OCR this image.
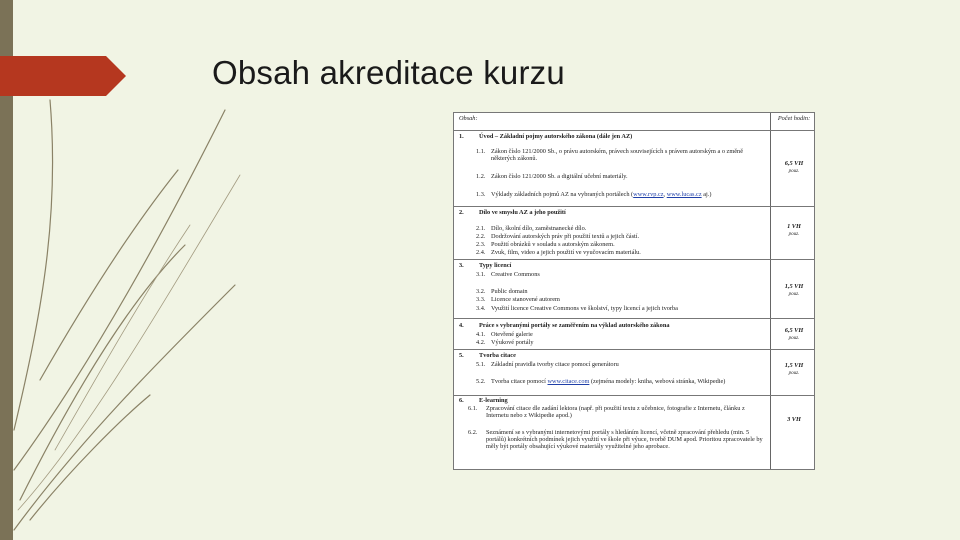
Obsah akreditace kurzu
Obsah:	Počet hodin:
1. Úvod – Základní pojmy autorského zákona (dále jen AZ)
1.1. Zákon číslo 121/2000 Sb., o právu autorském, právech souvisejících s právem autorským a o změně některých zákonů.
1.2. Zákon číslo 121/2000 Sb. a digitální učební materiály.
1.3. Výklady základních pojmů AZ na vybraných portálech (www.rvp.cz, www.lucas.cz aj.)
6,5 VH
pouz.
2. Dílo ve smyslu AZ a jeho použití
2.1. Dílo, školní dílo, zaměstnanecké dílo.
2.2. Dodržování autorských práv při použití textů a jejich částí.
2.3. Použití obrázků v souladu s autorským zákonem.
2.4. Zvuk, film, video a jejich použití ve vyučovacím materiálu.
1 VH
pouz.
3. Typy licencí
3.1. Creative Commons
3.2. Public domain
3.3. Licence stanovené autorem
3.4. Využití licence Creative Commons ve školství, typy licencí a jejich tvorba
1,5 VH
pouz.
4. Práce s vybranými portály se zaměřením na výklad autorského zákona
4.1. Otevřené galerie
4.2. Výukové portály
6,5 VH
pouz.
5. Tvorba citace
5.1. Základní pravidla tvorby citace pomocí generátoru
5.2. Tvorba citace pomocí www.citace.com (zejména modely: kniha, webová stránka, Wikipedie)
1,5 VH
pouz.
6. E-learning
6.1. Zpracování citace dle zadání lektora (např. při použití textu z učebnice, fotografie z Internetu, článku z Internetu nebo z Wikipedie apod.)
6.2. Seznámení se s vybranými internetovými portály s hledáním licencí, včetně zpracování přehledu (min. 5 portálů) konkrétních podmínek jejich využití ve škole při výuce, tvorbě DUM apod. Prioritou zpracovatele by měly být portály obsahující výukové materiály využitelné jeho aprobace.
3 VH
